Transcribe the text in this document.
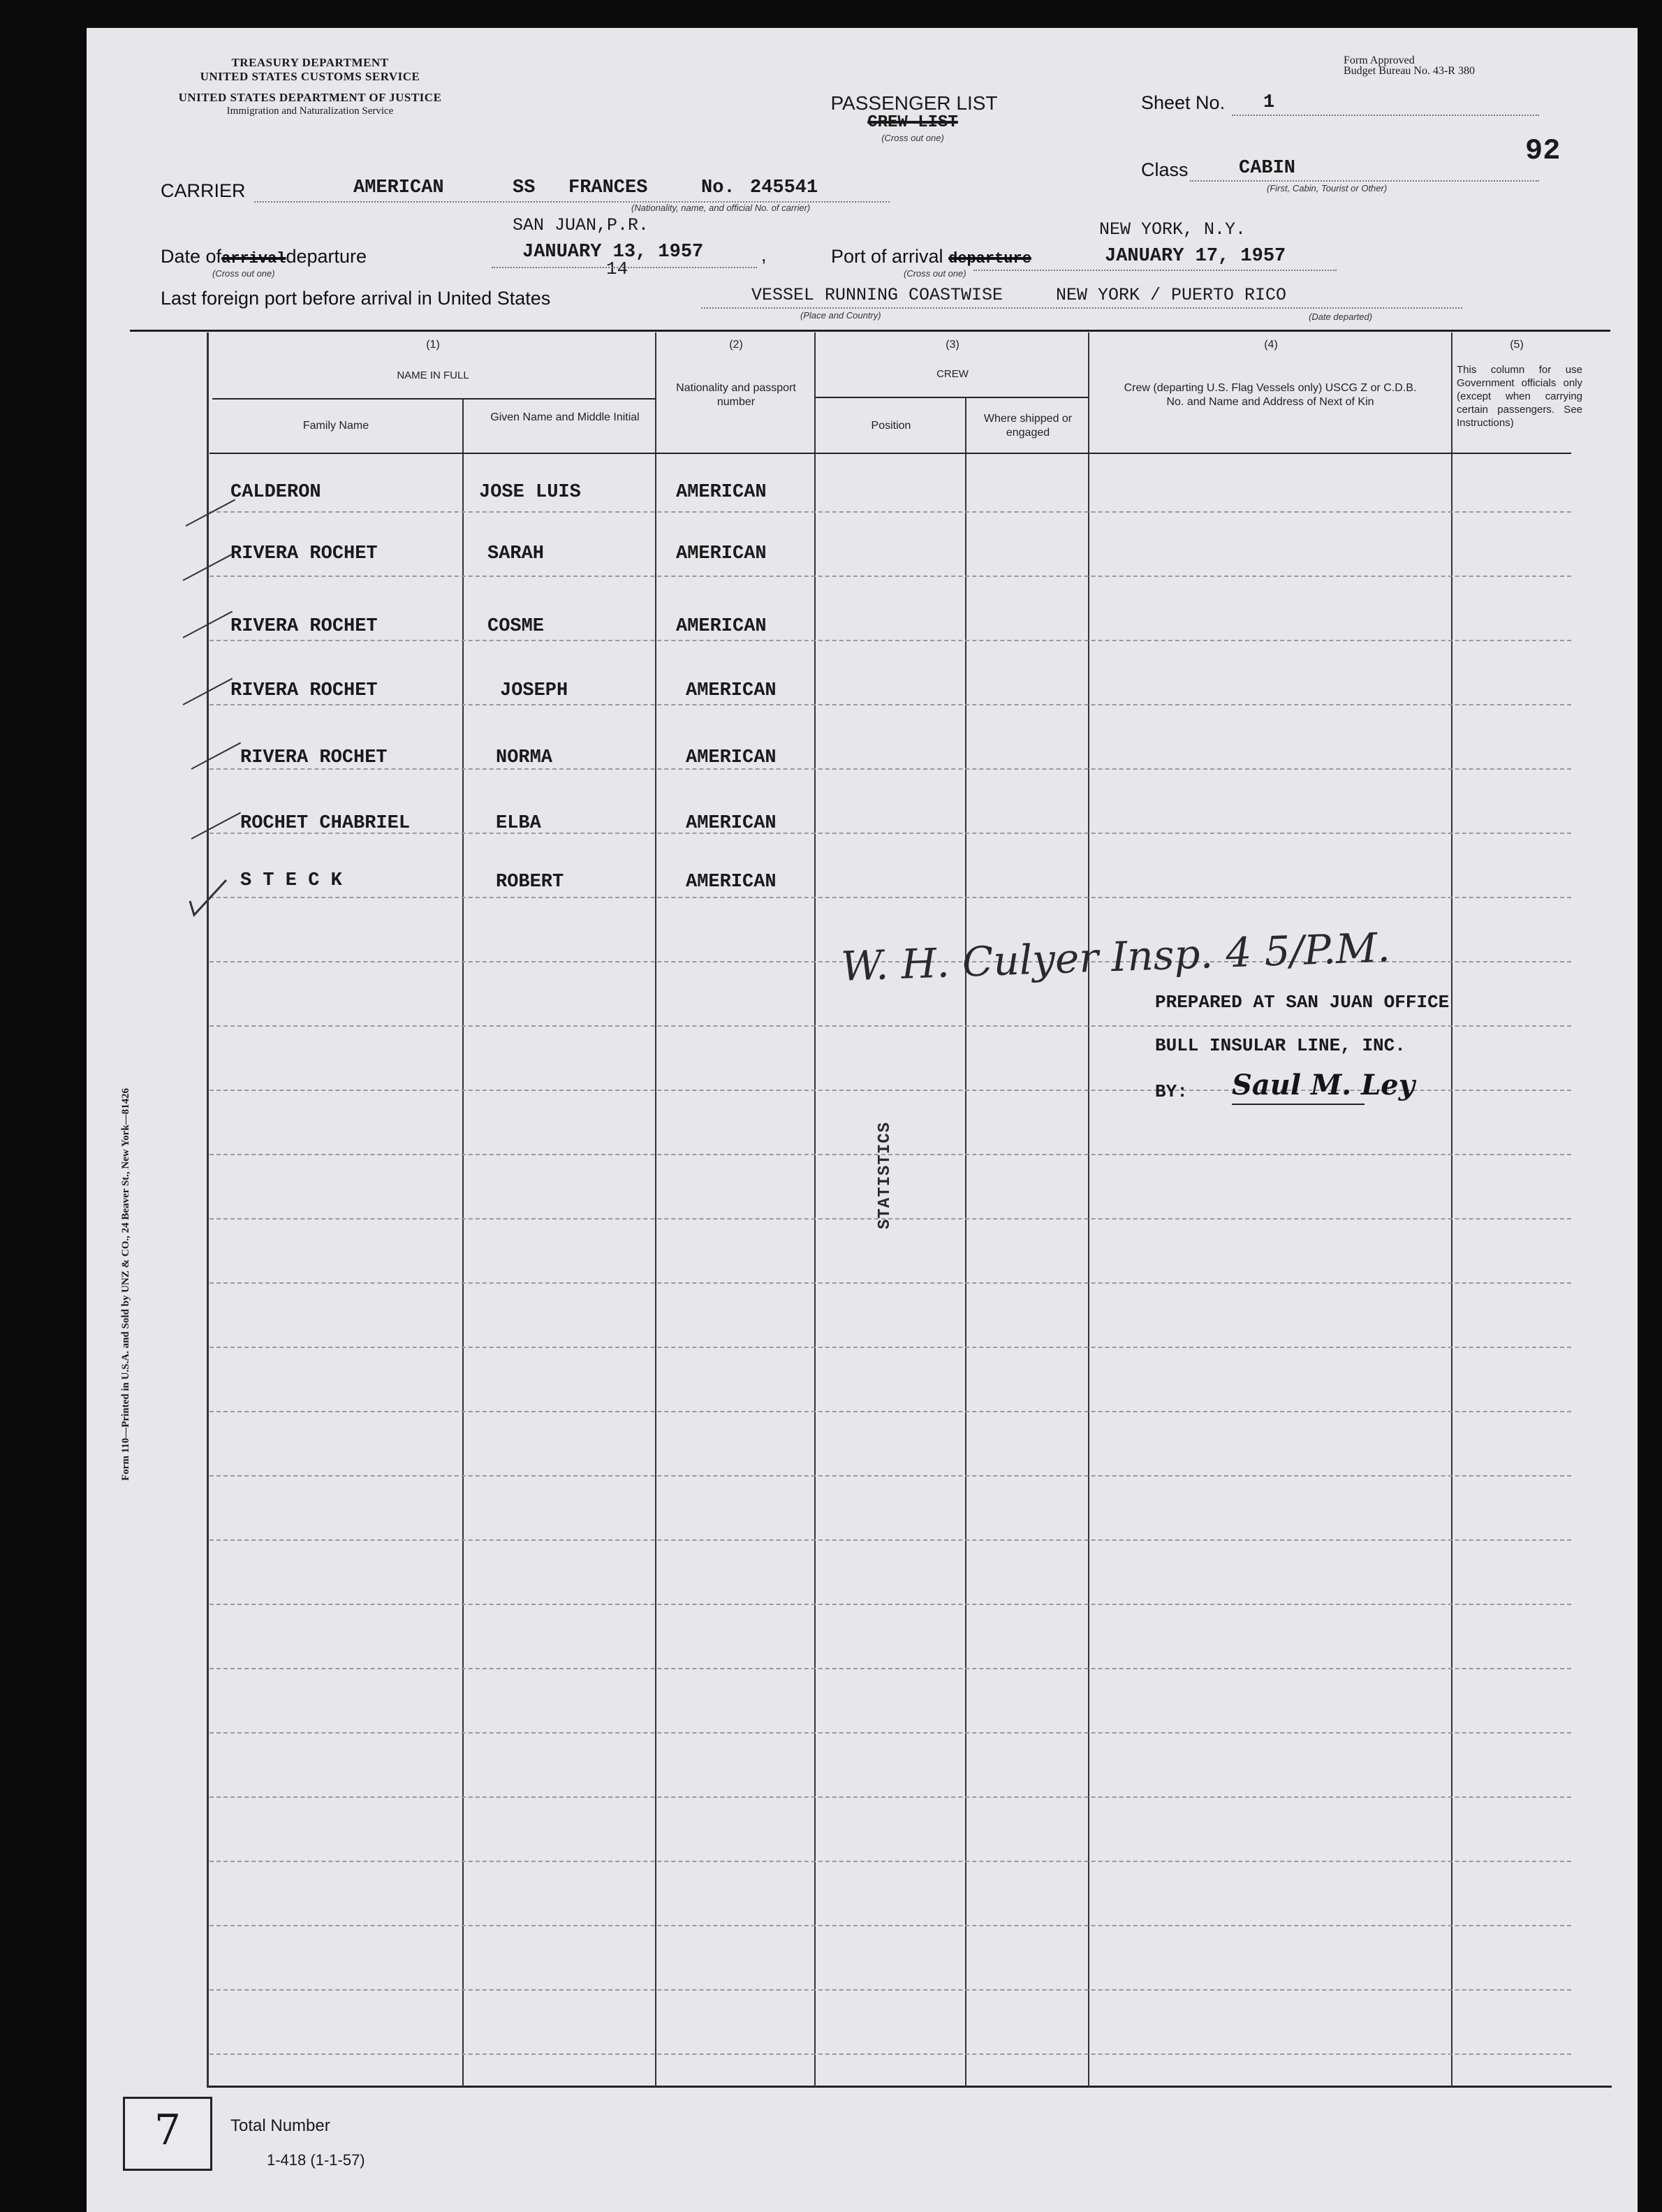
TREASURY DEPARTMENT
UNITED STATES CUSTOMS SERVICE
UNITED STATES DEPARTMENT OF JUSTICE
Immigration and Naturalization Service
Form Approved
Budget Bureau No. 43-R 380
PASSENGER LIST
CREW LIST
(Cross out one)
Sheet No. 1
92
Class	CABIN
(First, Cabin, Tourist or Other)
CARRIER	AMERICAN	SS FRANCES	No. 245541
(Nationality, name, and official No. of carrier)
SAN JUAN,P.R.	NEW YORK, N.Y.
Date ofarrivaldeparture
(Cross out one)
JANUARY 13, 1957
14
,	Port of arrival departure
(Cross out one)
JANUARY 17, 1957
Last foreign port before arrival in United States	VESSEL RUNNING COASTWISE	NEW YORK / PUERTO RICO
(Place and Country)	(Date departed)
(1)
NAME IN FULL
Family Name
Given Name and Middle Initial
(2)
Nationality and passport number
(3)
CREW
Position
Where shipped or engaged
(4)
Crew (departing U.S. Flag Vessels only) USCG Z or C.D.B. No. and Name and Address of Next of Kin
(5)
This column for use Government officials only (except when carrying certain passengers. See Instructions)
CALDERON	JOSE LUIS	AMERICAN
RIVERA ROCHET	SARAH	AMERICAN
RIVERA ROCHET	COSME	AMERICAN
RIVERA ROCHET	JOSEPH	AMERICAN
RIVERA ROCHET	NORMA	AMERICAN
ROCHET CHABRIEL	ELBA	AMERICAN
S T E C K	ROBERT	AMERICAN
W. H. Culyer Insp. 4 5/P.M.
PREPARED AT SAN JUAN OFFICE
BULL INSULAR LINE, INC.
BY: Saul M. Ley
STATISTICS
Form 110—Printed in U.S.A. and Sold by UNZ & CO., 24 Beaver St., New York—81426
7	Total Number
1-418 (1-1-57)
